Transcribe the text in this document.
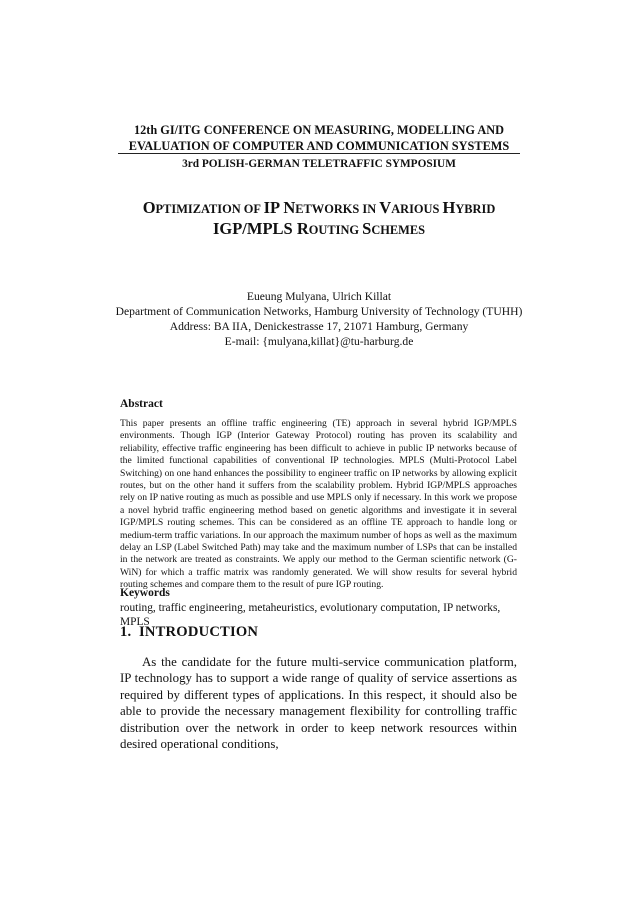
12th GI/ITG CONFERENCE ON MEASURING, MODELLING AND
EVALUATION OF COMPUTER AND COMMUNICATION SYSTEMS
3rd POLISH-GERMAN TELETRAFFIC SYMPOSIUM
OPTIMIZATION OF IP NETWORKS IN VARIOUS HYBRID
IGP/MPLS ROUTING SCHEMES
Eueung Mulyana, Ulrich Killat
Department of Communication Networks, Hamburg University of Technology (TUHH)
Address: BA IIA, Denickestrasse 17, 21071 Hamburg, Germany
E-mail: {mulyana,killat}@tu-harburg.de
Abstract

This paper presents an offline traffic engineering (TE) approach in several hybrid IGP/MPLS environments. Though IGP (Interior Gateway Protocol) routing has proven its scalability and reliability, effective traffic engineering has been difficult to achieve in public IP networks because of the limited functional capabilities of conventional IP technologies. MPLS (Multi-Protocol Label Switching) on one hand enhances the possibility to engineer traffic on IP networks by allowing explicit routes, but on the other hand it suffers from the scalability problem. Hybrid IGP/MPLS approaches rely on IP native routing as much as possible and use MPLS only if necessary. In this work we propose a novel hybrid traffic engineering method based on genetic algorithms and investigate it in several IGP/MPLS routing schemes. This can be considered as an offline TE approach to handle long or medium-term traffic variations. In our approach the maximum number of hops as well as the maximum delay an LSP (Label Switched Path) may take and the maximum number of LSPs that can be installed in the network are treated as constraints. We apply our method to the German scientific network (G-WiN) for which a traffic matrix was randomly generated. We will show results for several hybrid routing schemes and compare them to the result of pure IGP routing.

Keywords
routing, traffic engineering, metaheuristics, evolutionary computation, IP networks, MPLS
1. INTRODUCTION

As the candidate for the future multi-service communication platform, IP technology has to support a wide range of quality of service assertions as required by different types of applications. In this respect, it should also be able to provide the necessary management flexibility for controlling traffic distribution over the network in order to keep network resources within desired operational conditions,
